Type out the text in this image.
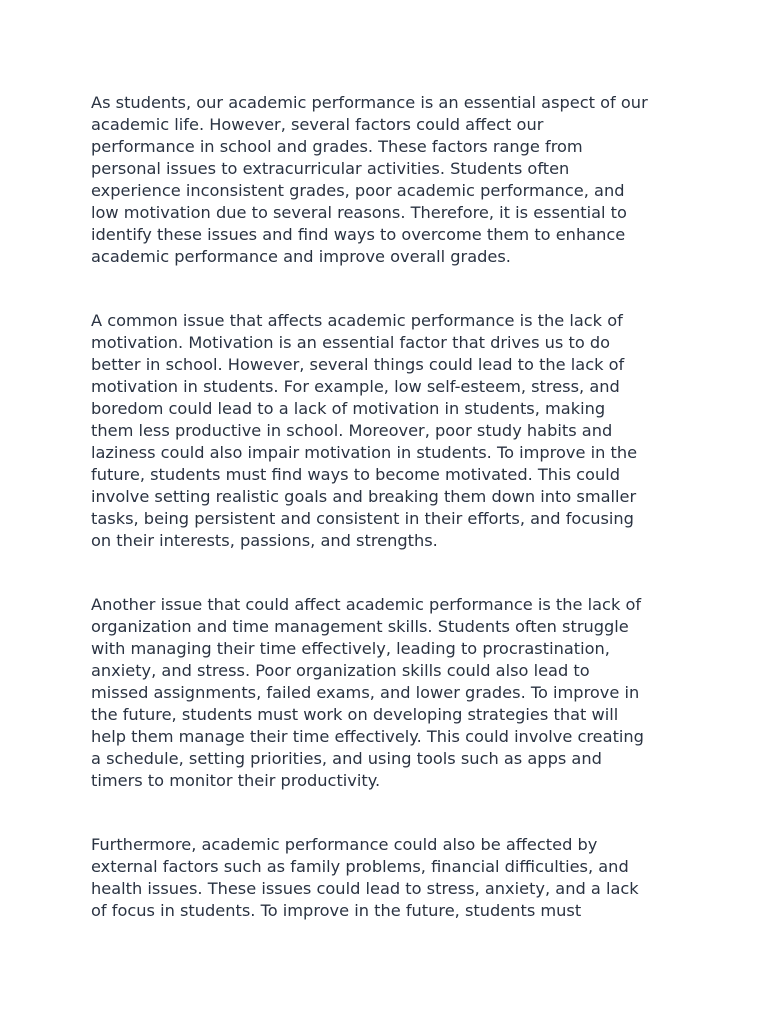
As students, our academic performance is an essential aspect of our
academic life. However, several factors could affect our
performance in school and grades. These factors range from
personal issues to extracurricular activities. Students often
experience inconsistent grades, poor academic performance, and
low motivation due to several reasons. Therefore, it is essential to
identify these issues and find ways to overcome them to enhance
academic performance and improve overall grades.

A common issue that affects academic performance is the lack of
motivation. Motivation is an essential factor that drives us to do
better in school. However, several things could lead to the lack of
motivation in students. For example, low self-esteem, stress, and
boredom could lead to a lack of motivation in students, making
them less productive in school. Moreover, poor study habits and
laziness could also impair motivation in students. To improve in the
future, students must find ways to become motivated. This could
involve setting realistic goals and breaking them down into smaller
tasks, being persistent and consistent in their efforts, and focusing
on their interests, passions, and strengths.

Another issue that could affect academic performance is the lack of
organization and time management skills. Students often struggle
with managing their time effectively, leading to procrastination,
anxiety, and stress. Poor organization skills could also lead to
missed assignments, failed exams, and lower grades. To improve in
the future, students must work on developing strategies that will
help them manage their time effectively. This could involve creating
a schedule, setting priorities, and using tools such as apps and
timers to monitor their productivity.

Furthermore, academic performance could also be affected by
external factors such as family problems, financial difficulties, and
health issues. These issues could lead to stress, anxiety, and a lack
of focus in students. To improve in the future, students must
